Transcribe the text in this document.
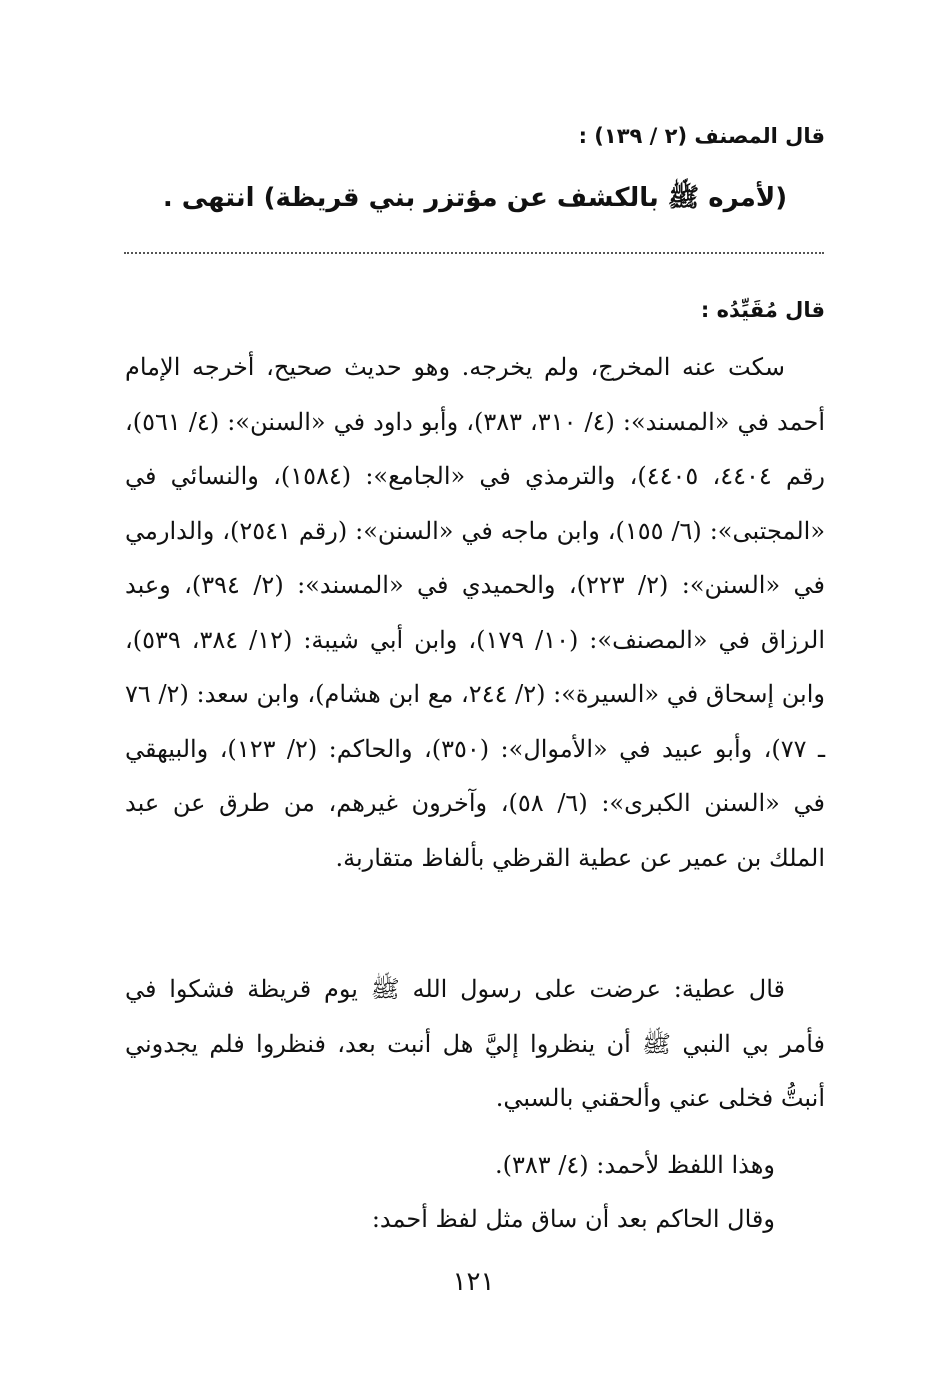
قال المصنف (٢ / ١٣٩) :
(لأمره ﷺ بالكشف عن مؤتزر بني قريظة) انتهى .
قال مُقَيِّدُه :
سكت عنه المخرج، ولم يخرجه. وهو حديث صحيح، أخرجه الإمام أحمد في «المسند»: (٤/ ٣١٠، ٣٨٣)، وأبو داود في «السنن»: (٤/ ٥٦١)، رقم ٤٤٠٤، ٤٤٠٥)، والترمذي في «الجامع»: (١٥٨٤)، والنسائي في «المجتبى»: (٦/ ١٥٥)، وابن ماجه في «السنن»: (رقم ٢٥٤١)، والدارمي في «السنن»: (٢/ ٢٢٣)، والحميدي في «المسند»: (٢/ ٣٩٤)، وعبد الرزاق في «المصنف»: (١٠/ ١٧٩)، وابن أبي شيبة: (١٢/ ٣٨٤، ٥٣٩)، وابن إسحاق في «السيرة»: (٢/ ٢٤٤، مع ابن هشام)، وابن سعد: (٢/ ٧٦ ـ ٧٧)، وأبو عبيد في «الأموال»: (٣٥٠)، والحاكم: (٢/ ١٢٣)، والبيهقي في «السنن الكبرى»: (٦/ ٥٨)، وآخرون غيرهم، من طرق عن عبد الملك بن عمير عن عطية القرظي بألفاظ متقاربة.
قال عطية: عرضت على رسول الله ﷺ يوم قريظة فشكوا في فأمر بي النبي ﷺ أن ينظروا إليَّ هل أنبت بعد، فنظروا فلم يجدوني أنبتُّ فخلى عني وألحقني بالسبي.
وهذا اللفظ لأحمد: (٤/ ٣٨٣).
وقال الحاكم بعد أن ساق مثل لفظ أحمد:
١٢١
